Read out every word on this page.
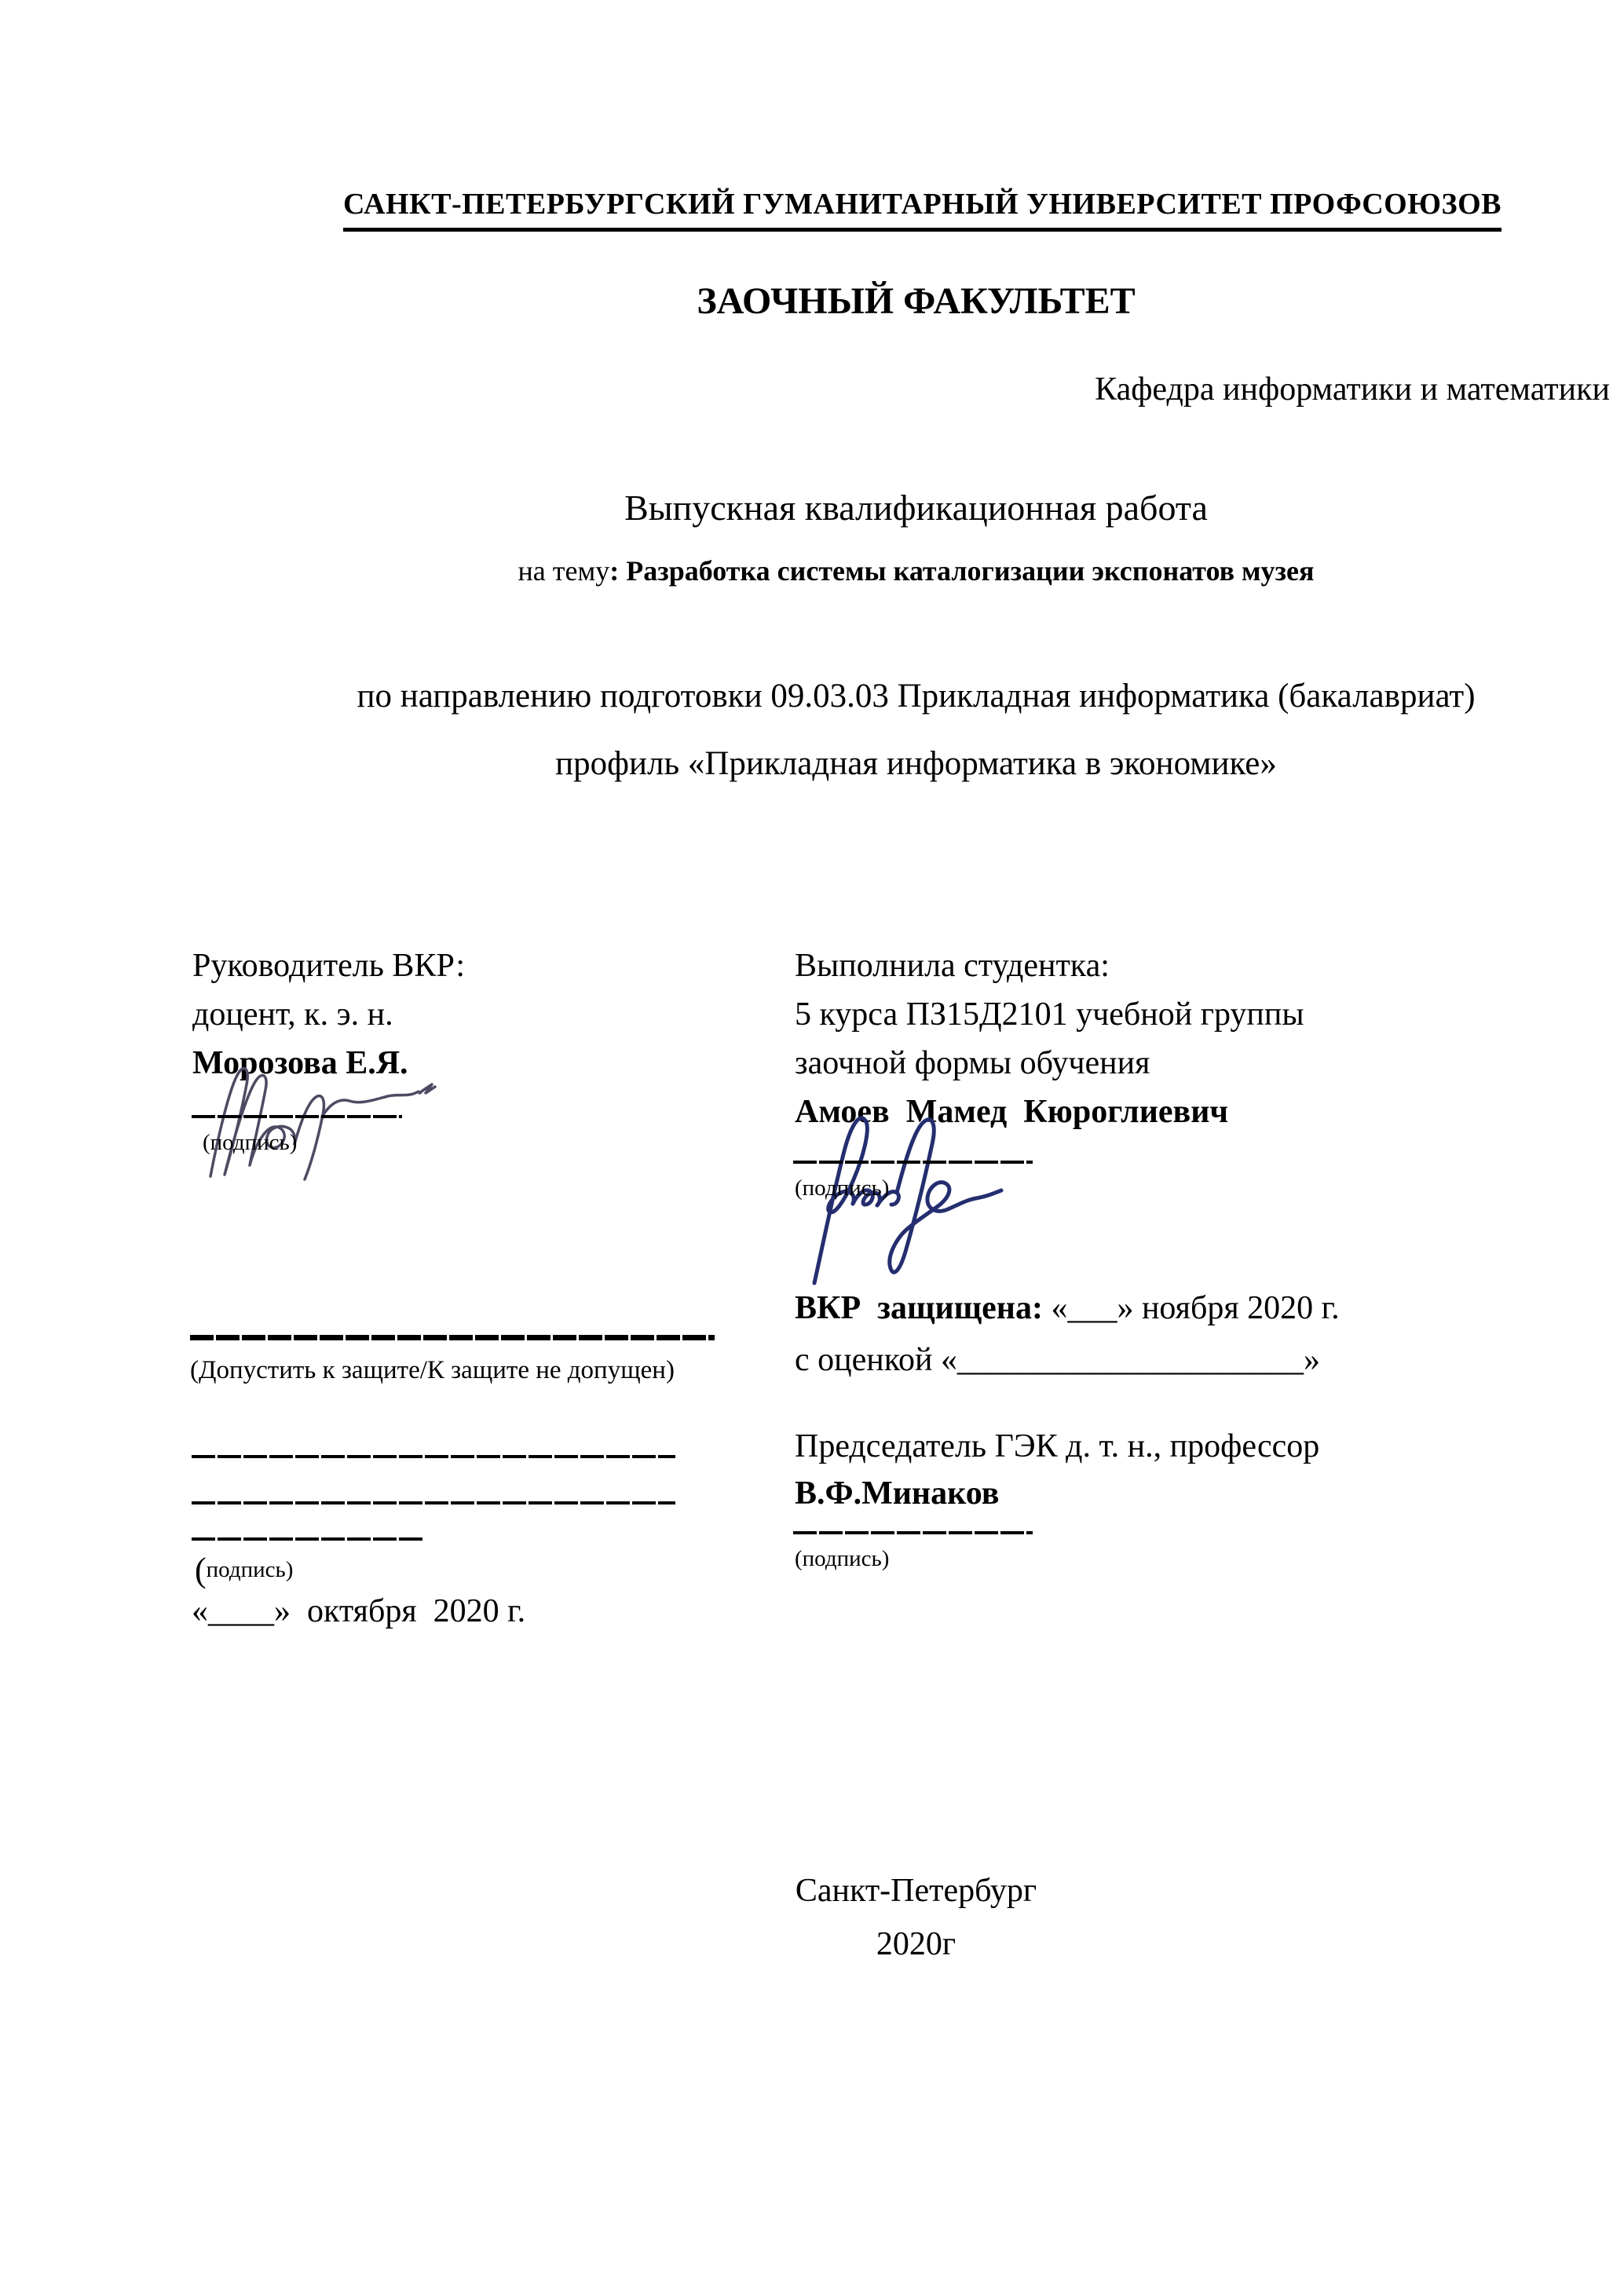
САНКТ-ПЕТЕРБУРГСКИЙ ГУМАНИТАРНЫЙ УНИВЕРСИТЕТ ПРОФСОЮЗОВ

ЗАОЧНЫЙ ФАКУЛЬТЕТ
Кафедра информатики и математики
Выпускная квалификационная работа
на тему: Разработка системы каталогизации экспонатов музея
по направлению подготовки 09.03.03 Прикладная информатика (бакалавриат)
профиль «Прикладная информатика в экономике»
Руководитель ВКР:
доцент, к. э. н.
Морозова Е.Я.
(подпись)
Выполнила студентка:
5 курса ПЗ15Д2101 учебной группы
заочной формы обучения
Амоев  Мамед  Кюроглиевич
(подпись)
(Допустить к защите/К защите не допущен)
(подпись)
«____»  октября  2020 г.
ВКР  защищена: «___» ноября 2020 г.
с оценкой «_____________________»
Председатель ГЭК д. т. н., профессор
В.Ф.Минаков
(подпись)
Санкт-Петербург
2020г
